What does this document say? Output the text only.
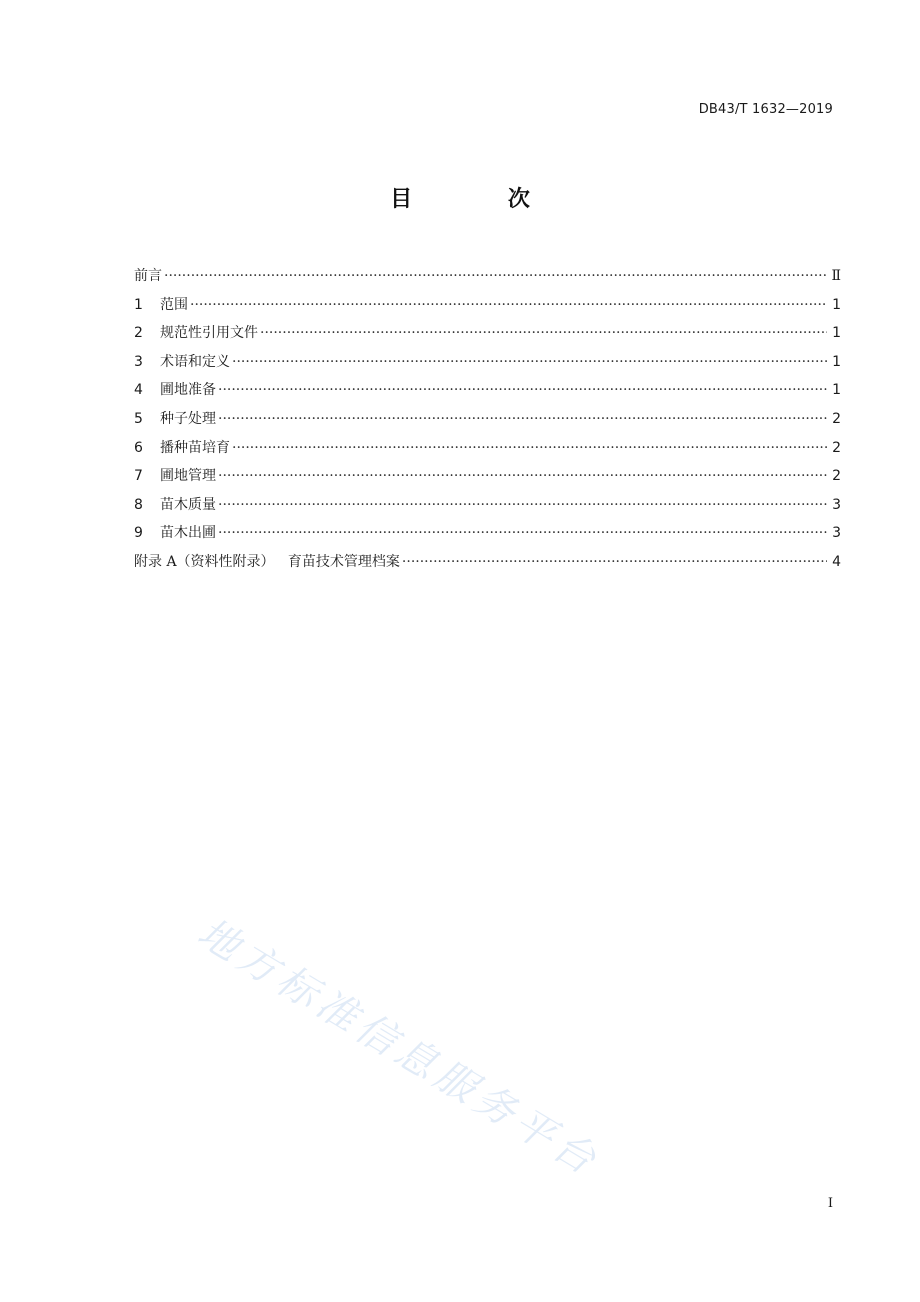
DB43/T 1632—2019
目 次
前言 ·····	Ⅱ
1 范围 ·····	1
2 规范性引用文件 ·····	1
3 术语和定义 ·····	1
4 圃地准备 ·····	1
5 种子处理 ·····	2
6 播种苗培育 ·····	2
7 圃地管理 ·····	2
8 苗木质量 ·····	3
9 苗木出圃 ·····	3
附录 A（资料性附录）   育苗技术管理档案 ·····	4
地方标准信息服务平台
I
